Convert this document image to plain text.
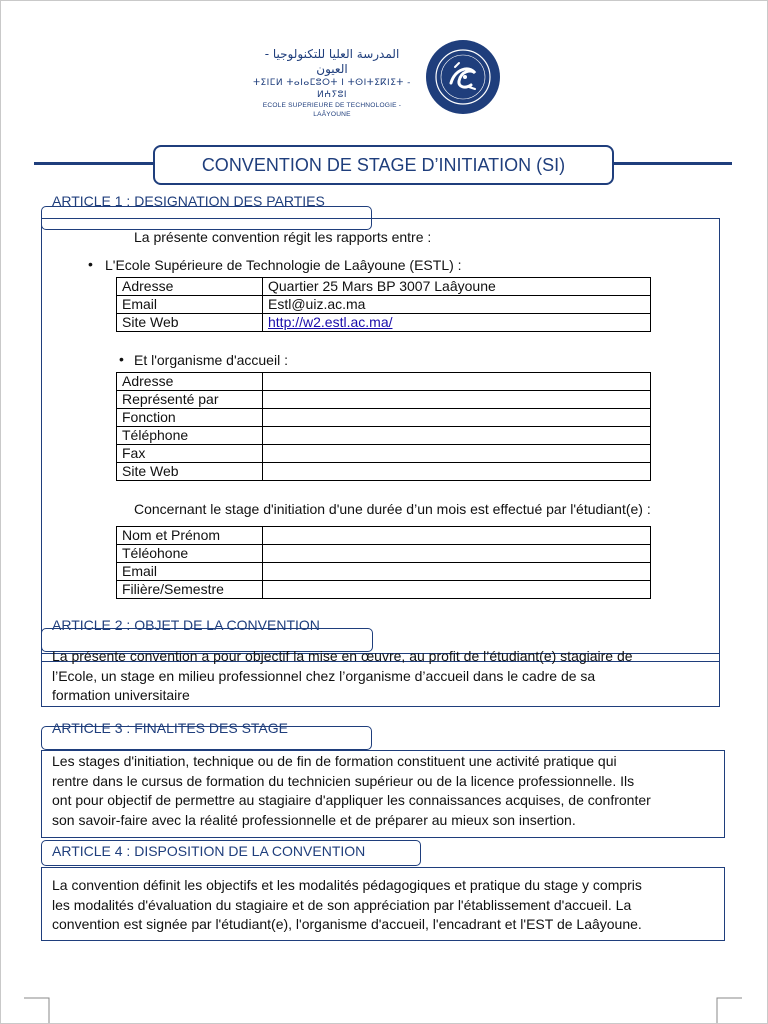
المدرسة العليا للتكنولوجيا - العيون
ⵜⵉⵏⵎⵍ ⵜⴰⵏⴰⵎⵓⵔⵜ ⵏ ⵜⵙⵏⵜⵉⴽⵏⵉⵜ - ⵍⵄⵢⵓⵏ
ECOLE SUPERIEURE DE TECHNOLOGIE - LAÂYOUNE
CONVENTION DE STAGE D’INITIATION (SI)
ARTICLE 1 : DESIGNATION DES PARTIES
La présente convention régit les rapports entre :
• L'Ecole Supérieure de Technologie de Laâyoune (ESTL) :
Adresse	Quartier 25 Mars BP 3007 Laâyoune
Email	Estl@uiz.ac.ma
Site Web	http://w2.estl.ac.ma/
• Et l'organisme d'accueil :
Adresse	
Représenté par	
Fonction	
Téléphone	
Fax	
Site Web	
Concernant le stage d'initiation d'une durée d’un mois est effectué par l'étudiant(e) :
Nom et Prénom	
Téléohone	
Email	
Filière/Semestre	
ARTICLE 2 : OBJET DE LA CONVENTION
La présente convention a pour objectif la mise en œuvre, au profit de l’étudiant(e) stagiaire de
l’Ecole, un stage en milieu professionnel chez l’organisme d’accueil dans le cadre de sa
formation universitaire
ARTICLE 3 : FINALITES DES STAGE
Les stages d'initiation, technique ou de fin de formation constituent une activité pratique qui
rentre dans le cursus de formation du technicien supérieur ou de la licence professionnelle. Ils
ont pour objectif de permettre au stagiaire d'appliquer les connaissances acquises, de confronter
son savoir-faire avec la réalité professionnelle et de préparer au mieux son insertion.
ARTICLE 4 : DISPOSITION DE LA CONVENTION
La convention définit les objectifs et les modalités pédagogiques et pratique du stage y compris
les modalités d'évaluation du stagiaire et de son appréciation par l'établissement d'accueil. La
convention est signée par l'étudiant(e), l'organisme d'accueil, l'encadrant et l'EST de Laâyoune.
